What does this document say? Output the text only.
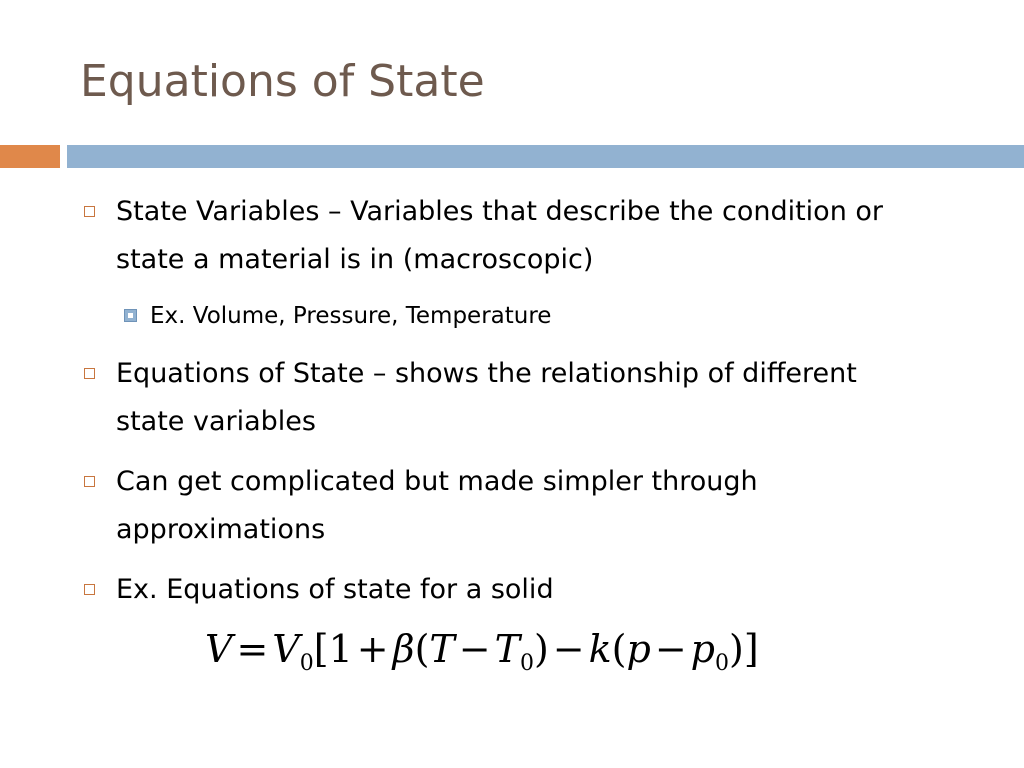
Equations of State
State Variables – Variables that describe the condition or state a material is in (macroscopic)
Ex. Volume, Pressure, Temperature
Equations of State – shows the relationship of different state variables
Can get complicated but made simpler through approximations
Ex. Equations of state for a solid
$V = V_0[1 + \beta(T - T_0) - k(p - p_0)]$
